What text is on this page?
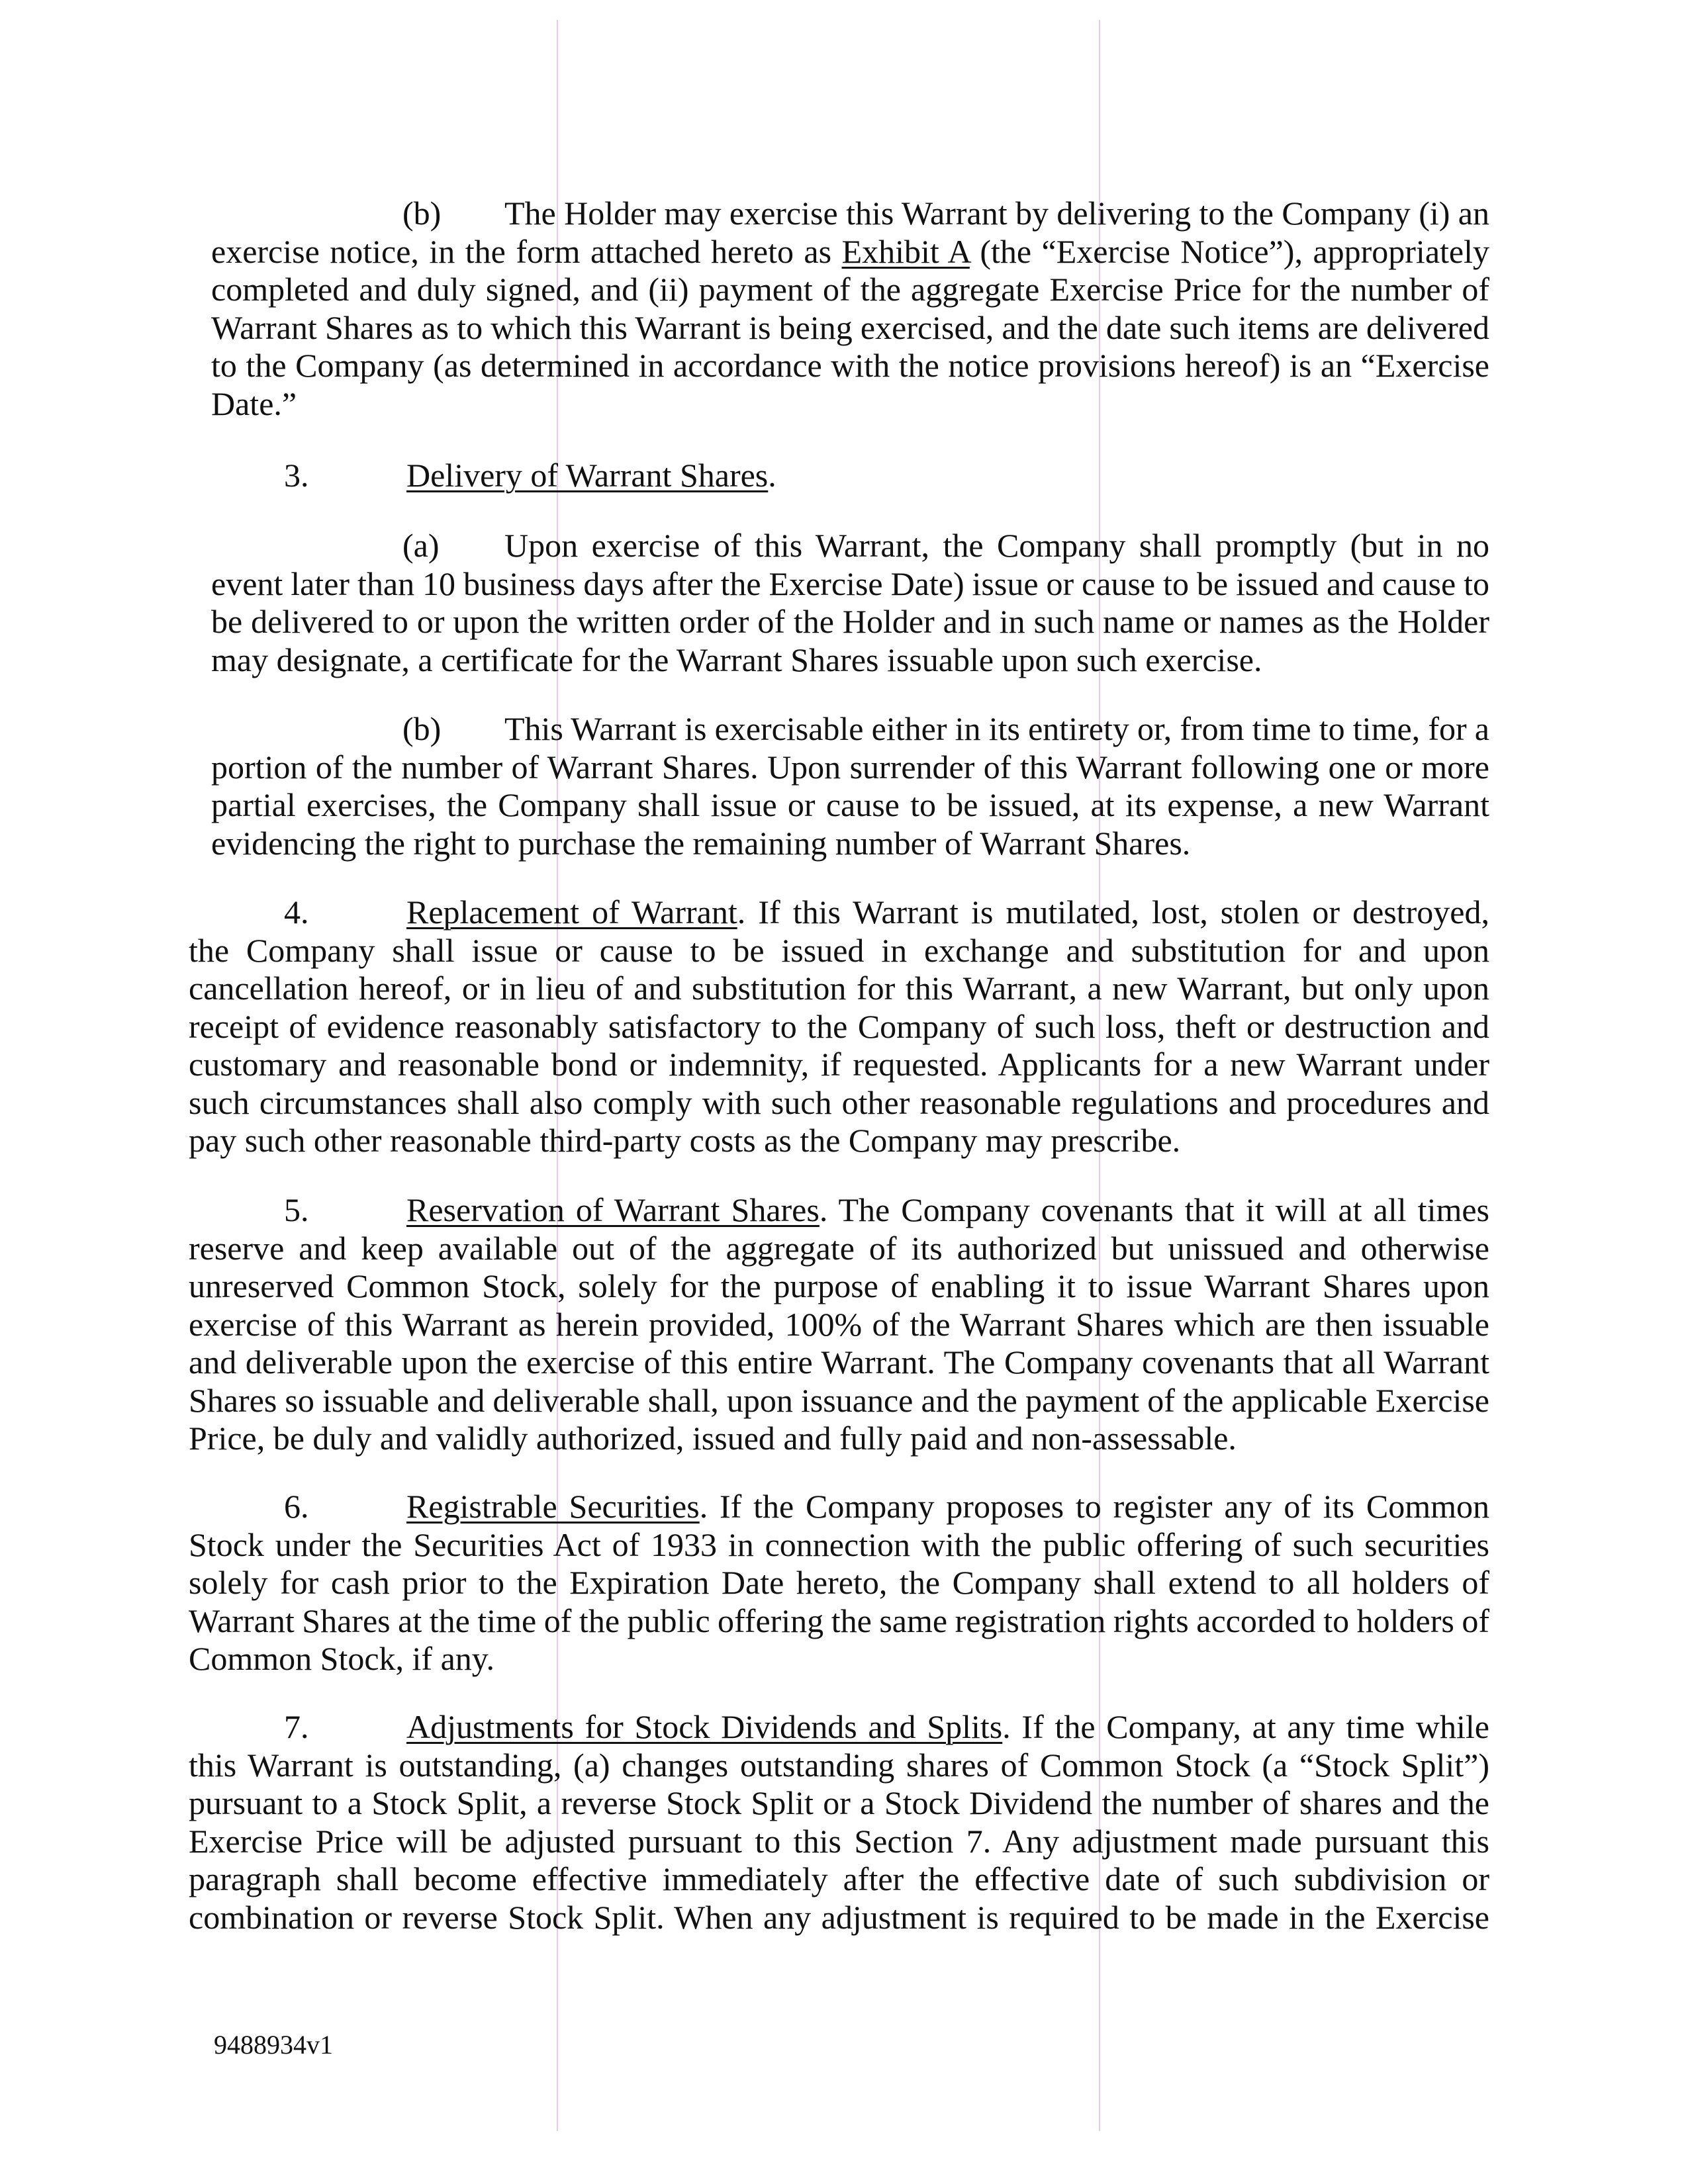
(b) The Holder may exercise this Warrant by delivering to the Company (i) an
exercise notice, in the form attached hereto as Exhibit A (the “Exercise Notice”), appropriately
completed and duly signed, and (ii) payment of the aggregate Exercise Price for the number of
Warrant Shares as to which this Warrant is being exercised, and the date such items are delivered
to the Company (as determined in accordance with the notice provisions hereof) is an “Exercise
Date.”
3.	Delivery of Warrant Shares.
(a) Upon exercise of this Warrant, the Company shall promptly (but in no
event later than 10 business days after the Exercise Date) issue or cause to be issued and cause to
be delivered to or upon the written order of the Holder and in such name or names as the Holder
may designate, a certificate for the Warrant Shares issuable upon such exercise.
(b) This Warrant is exercisable either in its entirety or, from time to time, for a
portion of the number of Warrant Shares. Upon surrender of this Warrant following one or more
partial exercises, the Company shall issue or cause to be issued, at its expense, a new Warrant
evidencing the right to purchase the remaining number of Warrant Shares.
4.	Replacement of Warrant. If this Warrant is mutilated, lost, stolen or destroyed,
the Company shall issue or cause to be issued in exchange and substitution for and upon
cancellation hereof, or in lieu of and substitution for this Warrant, a new Warrant, but only upon
receipt of evidence reasonably satisfactory to the Company of such loss, theft or destruction and
customary and reasonable bond or indemnity, if requested. Applicants for a new Warrant under
such circumstances shall also comply with such other reasonable regulations and procedures and
pay such other reasonable third-party costs as the Company may prescribe.
5.	Reservation of Warrant Shares. The Company covenants that it will at all times
reserve and keep available out of the aggregate of its authorized but unissued and otherwise
unreserved Common Stock, solely for the purpose of enabling it to issue Warrant Shares upon
exercise of this Warrant as herein provided, 100% of the Warrant Shares which are then issuable
and deliverable upon the exercise of this entire Warrant. The Company covenants that all Warrant
Shares so issuable and deliverable shall, upon issuance and the payment of the applicable Exercise
Price, be duly and validly authorized, issued and fully paid and non-assessable.
6.	Registrable Securities. If the Company proposes to register any of its Common
Stock under the Securities Act of 1933 in connection with the public offering of such securities
solely for cash prior to the Expiration Date hereto, the Company shall extend to all holders of
Warrant Shares at the time of the public offering the same registration rights accorded to holders of
Common Stock, if any.
7.	Adjustments for Stock Dividends and Splits. If the Company, at any time while
this Warrant is outstanding, (a) changes outstanding shares of Common Stock (a “Stock Split”)
pursuant to a Stock Split, a reverse Stock Split or a Stock Dividend the number of shares and the
Exercise Price will be adjusted pursuant to this Section 7. Any adjustment made pursuant this
paragraph shall become effective immediately after the effective date of such subdivision or
combination or reverse Stock Split. When any adjustment is required to be made in the Exercise
9488934v1
